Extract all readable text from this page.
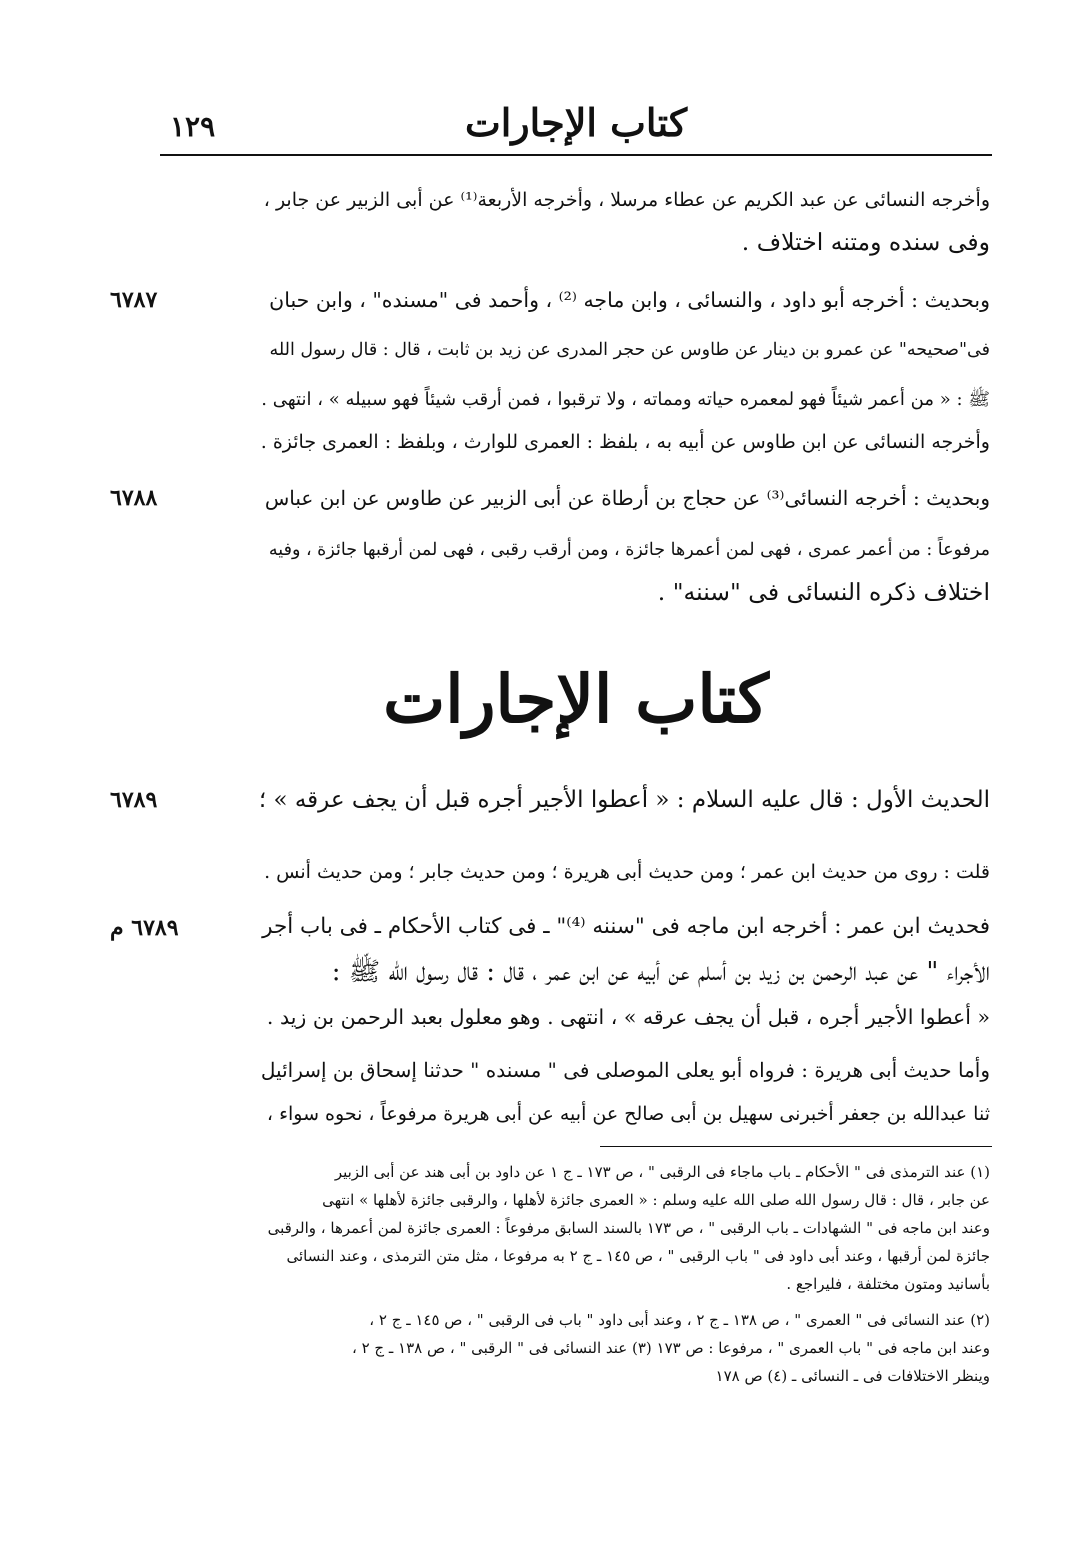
كتاب الإجارات
١٢٩

وأخرجه النسائى عن عبد الكريم عن عطاء مرسلا ، وأخرجه الأربعة⁽¹⁾ عن أبى الزبير عن جابر ،

وفى سنده ومتنه اختلاف .

وبحديث : أخرجه أبو داود ، والنسائى ، وابن ماجه ⁽²⁾ ، وأحمد فى "مسنده" ، وابن حبان

٦٧٨٧

فى"صحيحه" عن عمرو بن دينار عن طاوس عن حجر المدرى عن زيد بن ثابت ، قال : قال رسول الله

ﷺ : « من أعمر شيئاً فهو لمعمره حياته ومماته ، ولا ترقبوا ، فمن أرقب شيئاً فهو سبيله » ، انتهى .

وأخرجه النسائى عن ابن طاوس عن أبيه به ، بلفظ : العمرى للوارث ، وبلفظ : العمرى جائزة .

وبحديث : أخرجه النسائى⁽³⁾ عن حجاج بن أرطاة عن أبى الزبير عن طاوس عن ابن عباس

٦٧٨٨

مرفوعاً : من أعمر عمرى ، فهى لمن أعمرها جائزة ، ومن أرقب رقبى ، فهى لمن أرقبها جائزة ، وفيه

اختلاف ذكره النسائى فى "سننه" .

كتاب الإجارات

الحديث الأول : قال عليه السلام : « أعطوا الأجير أجره قبل أن يجف عرقه » ؛

٦٧٨٩

قلت : روى من حديث ابن عمر ؛ ومن حديث أبى هريرة ؛ ومن حديث جابر ؛ ومن حديث أنس .

فحديث ابن عمر : أخرجه ابن ماجه فى "سننه ⁽⁴⁾" ـ فى كتاب الأحكام ـ فى باب أجر

٦٧٨٩ م

الأجراء " عن عبد الرحمن بن زيد بن أسلم عن أبيه عن ابن عمر ، قال : قال رسول الله ﷺ :

« أعطوا الأجير أجره ، قبل أن يجف عرقه » ، انتهى . وهو معلول بعبد الرحمن بن زيد .

وأما حديث أبى هريرة : فرواه أبو يعلى الموصلى فى " مسنده " حدثنا إسحاق بن إسرائيل

ثنا عبدالله بن جعفر أخبرنى سهيل بن أبى صالح عن أبيه عن أبى هريرة مرفوعاً ، نحوه سواء ،

(١) عند الترمذى فى " الأحكام ـ باب ماجاء فى الرقبى " ، ص ١٧٣ ـ ج ١ عن داود بن أبى هند عن أبى الزبير

عن جابر ، قال : قال رسول الله صلى الله عليه وسلم : « العمرى جائزة لأهلها ، والرقبى جائزة لأهلها » انتهى

وعند ابن ماجه فى " الشهادات ـ باب الرقبى " ، ص ١٧٣ بالسند السابق مرفوعاً : العمرى جائزة لمن أعمرها ، والرقبى

جائزة لمن أرقبها ، وعند أبى داود فى " باب الرقبى " ، ص ١٤٥ ـ ج ٢ به مرفوعا ، مثل متن الترمذى ، وعند النسائى

بأسانيد ومتون مختلفة ، فليراجع .

(٢) عند النسائى فى " العمرى " ، ص ١٣٨ ـ ج ٢ ، وعند أبى داود " باب فى الرقبى " ، ص ١٤٥ ـ ج ٢ ،

وعند ابن ماجه فى " باب العمرى " ، مرفوعا : ص ١٧٣ (٣) عند النسائى فى " الرقبى " ، ص ١٣٨ ـ ج ٢ ،

وينظر الاختلافات فى ـ النسائى ـ (٤) ص ١٧٨
